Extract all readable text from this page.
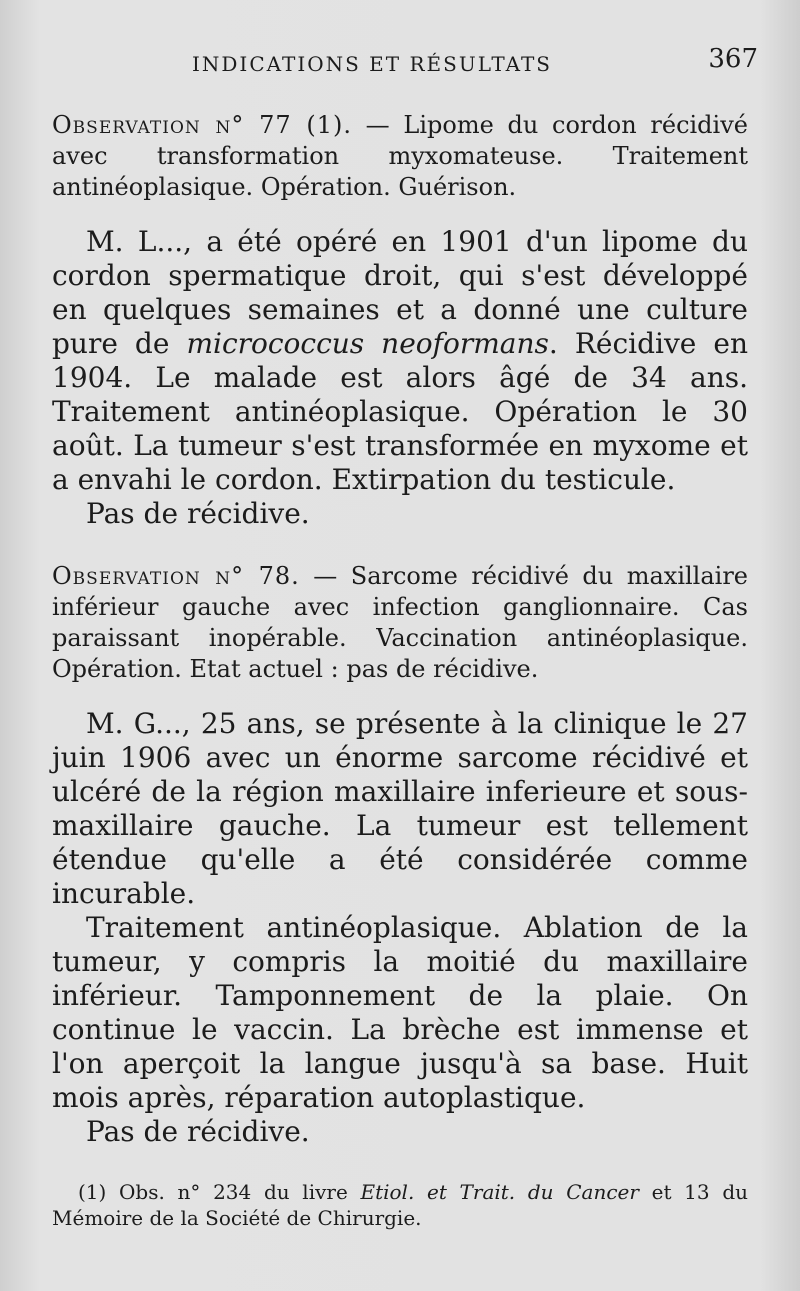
INDICATIONS ET RÉSULTATS	367

Observation n° 77 (1). — Lipome du cordon récidivé avec transformation myxomateuse. Traitement antinéoplasique. Opération. Guérison.

M. L..., a été opéré en 1901 d'un lipome du cordon spermatique droit, qui s'est développé en quelques semaines et a donné une culture pure de micrococcus neoformans. Récidive en 1904. Le malade est alors âgé de 34 ans. Traitement antinéoplasique. Opération le 30 août. La tumeur s'est transformée en myxome et a envahi le cordon. Extirpation du testicule.

Pas de récidive.

Observation n° 78. — Sarcome récidivé du maxillaire inférieur gauche avec infection ganglionnaire. Cas paraissant inopérable. Vaccination antinéoplasique. Opération. Etat actuel : pas de récidive.

M. G..., 25 ans, se présente à la clinique le 27 juin 1906 avec un énorme sarcome récidivé et ulcéré de la région maxillaire inferieure et sous-maxillaire gauche. La tumeur est tellement étendue qu'elle a été considérée comme incurable.

Traitement antinéoplasique. Ablation de la tumeur, y compris la moitié du maxillaire inférieur. Tamponnement de la plaie. On continue le vaccin. La brèche est immense et l'on aperçoit la langue jusqu'à sa base. Huit mois après, réparation autoplastique.

Pas de récidive.

(1) Obs. n° 234 du livre Etiol. et Trait. du Cancer et 13 du Mémoire de la Société de Chirurgie.
